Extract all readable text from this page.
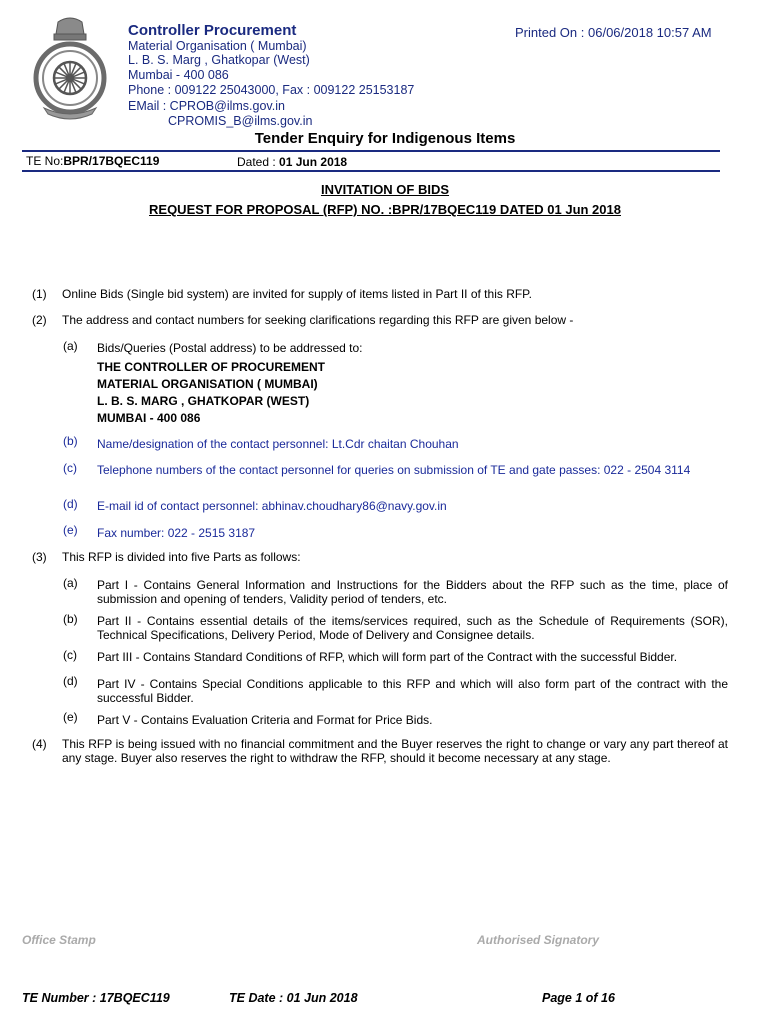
Controller Procurement
Material Organisation ( Mumbai)
L. B. S. Marg , Ghatkopar (West)
Mumbai - 400 086
Phone : 009122 25043000, Fax : 009122 25153187
EMail : CPROB@ilms.gov.in
CPROMIS_B@ilms.gov.in
Printed On : 06/06/2018 10:57 AM
Tender Enquiry for Indigenous Items
TE No:BPR/17BQEC119	Dated : 01 Jun 2018
INVITATION OF BIDS
REQUEST FOR PROPOSAL (RFP) NO. :BPR/17BQEC119 DATED 01 Jun 2018
(1) Online Bids (Single bid system) are invited for supply of items listed in Part II of this RFP.
(2) The address and contact numbers for seeking clarifications regarding this RFP are given below -
(a) Bids/Queries (Postal address) to be addressed to:
THE CONTROLLER OF PROCUREMENT
MATERIAL ORGANISATION ( MUMBAI)
L. B. S. MARG , GHATKOPAR (WEST)
MUMBAI - 400 086
(b) Name/designation of the contact personnel: Lt.Cdr chaitan Chouhan
(c) Telephone numbers of the contact personnel for queries on submission of TE and gate passes: 022 - 2504 3114
(d) E-mail id of contact personnel: abhinav.choudhary86@navy.gov.in
(e) Fax number: 022 - 2515 3187
(3) This RFP is divided into five Parts as follows:
(a) Part I - Contains General Information and Instructions for the Bidders about the RFP such as the time, place of submission and opening of tenders, Validity period of tenders, etc.
(b) Part II - Contains essential details of the items/services required, such as the Schedule of Requirements (SOR), Technical Specifications, Delivery Period, Mode of Delivery and Consignee details.
(c) Part III - Contains Standard Conditions of RFP, which will form part of the Contract with the successful Bidder.
(d) Part IV - Contains Special Conditions applicable to this RFP and which will also form part of the contract with the successful Bidder.
(e) Part V - Contains Evaluation Criteria and Format for Price Bids.
(4) This RFP is being issued with no financial commitment and the Buyer reserves the right to change or vary any part thereof at any stage. Buyer also reserves the right to withdraw the RFP, should it become necessary at any stage.
Office Stamp	Authorised Signatory
TE Number : 17BQEC119	TE Date : 01 Jun 2018	Page 1 of 16
